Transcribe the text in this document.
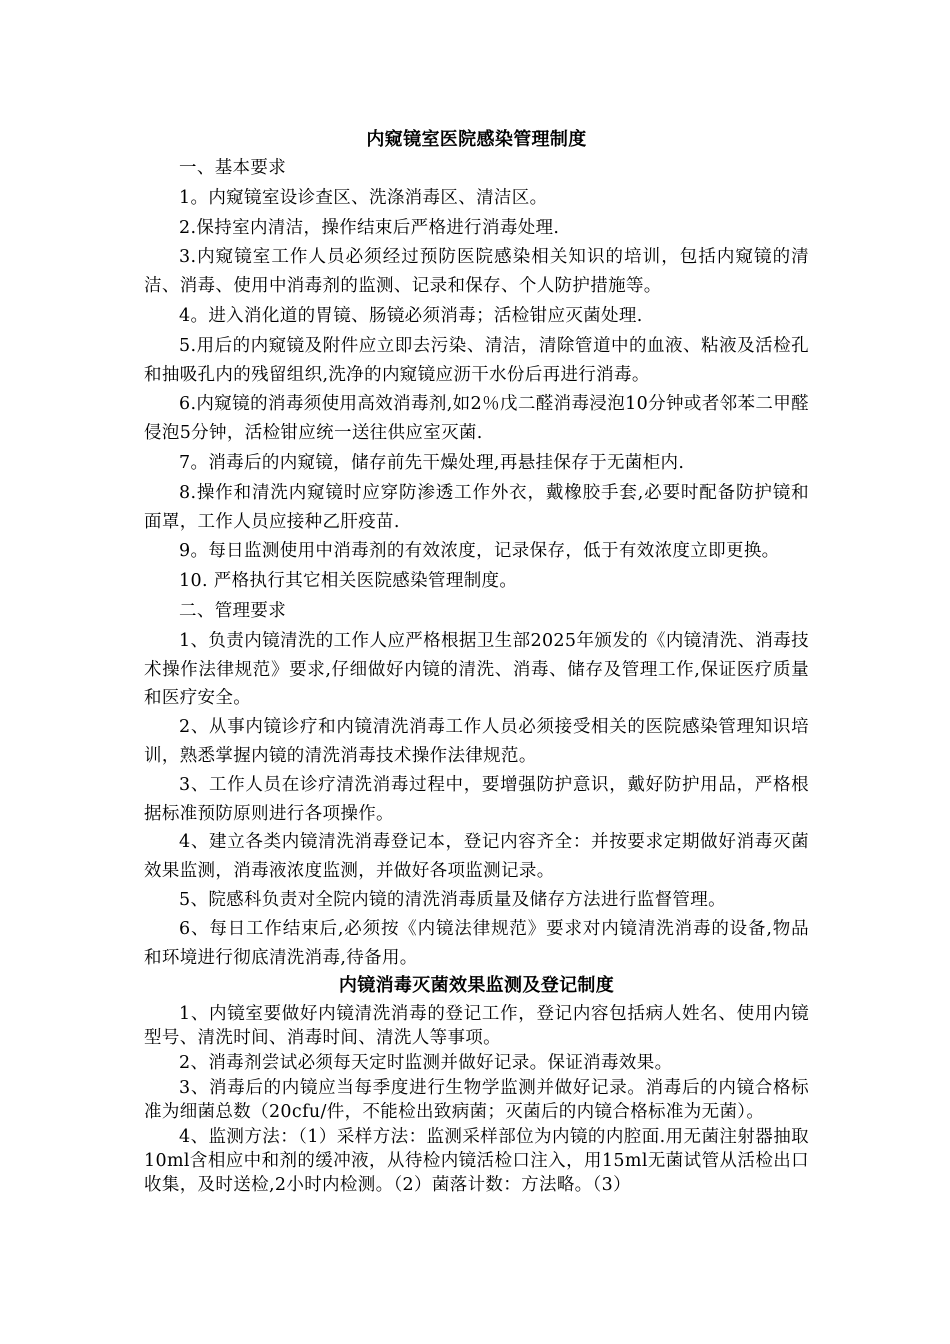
内窥镜室医院感染管理制度

一、基本要求

1。内窥镜室设诊查区、洗涤消毒区、清洁区。

2.保持室内清洁，操作结束后严格进行消毒处理.

3.内窥镜室工作人员必须经过预防医院感染相关知识的培训，包括内窥镜的清洁、消毒、使用中消毒剂的监测、记录和保存、个人防护措施等。

4。进入消化道的胃镜、肠镜必须消毒；活检钳应灭菌处理.

5.用后的内窥镜及附件应立即去污染、清洁，清除管道中的血液、粘液及活检孔和抽吸孔内的残留组织,洗净的内窥镜应沥干水份后再进行消毒。

6.内窥镜的消毒须使用高效消毒剂,如2％戊二醛消毒浸泡10分钟或者邻苯二甲醛侵泡5分钟，活检钳应统一送往供应室灭菌.

7。消毒后的内窥镜，储存前先干燥处理,再悬挂保存于无菌柜内.

8.操作和清洗内窥镜时应穿防渗透工作外衣，戴橡胶手套,必要时配备防护镜和面罩，工作人员应接种乙肝疫苗.

9。每日监测使用中消毒剂的有效浓度，记录保存，低于有效浓度立即更换。

10. 严格执行其它相关医院感染管理制度。

二、管理要求

1、负责内镜清洗的工作人应严格根据卫生部2025年颁发的《内镜清洗、消毒技术操作法律规范》要求,仔细做好内镜的清洗、消毒、储存及管理工作,保证医疗质量和医疗安全。

2、从事内镜诊疗和内镜清洗消毒工作人员必须接受相关的医院感染管理知识培训，熟悉掌握内镜的清洗消毒技术操作法律规范。

3、工作人员在诊疗清洗消毒过程中，要增强防护意识，戴好防护用品，严格根据标准预防原则进行各项操作。

4、建立各类内镜清洗消毒登记本，登记内容齐全：并按要求定期做好消毒灭菌效果监测，消毒液浓度监测，并做好各项监测记录。

5、院感科负责对全院内镜的清洗消毒质量及储存方法进行监督管理。

6、每日工作结束后,必须按《内镜法律规范》要求对内镜清洗消毒的设备,物品和环境进行彻底清洗消毒,待备用。

内镜消毒灭菌效果监测及登记制度

1、内镜室要做好内镜清洗消毒的登记工作，登记内容包括病人姓名、使用内镜型号、清洗时间、消毒时间、清洗人等事项。

2、消毒剂尝试必须每天定时监测并做好记录。保证消毒效果。

3、消毒后的内镜应当每季度进行生物学监测并做好记录。消毒后的内镜合格标准为细菌总数（20cfu/件，不能检出致病菌；灭菌后的内镜合格标准为无菌）。

4、监测方法：（1）采样方法：监测采样部位为内镜的内腔面.用无菌注射器抽取10ml含相应中和剂的缓冲液，从待检内镜活检口注入，用15ml无菌试管从活检出口收集，及时送检,2小时内检测。（2）菌落计数：方法略。（3）
